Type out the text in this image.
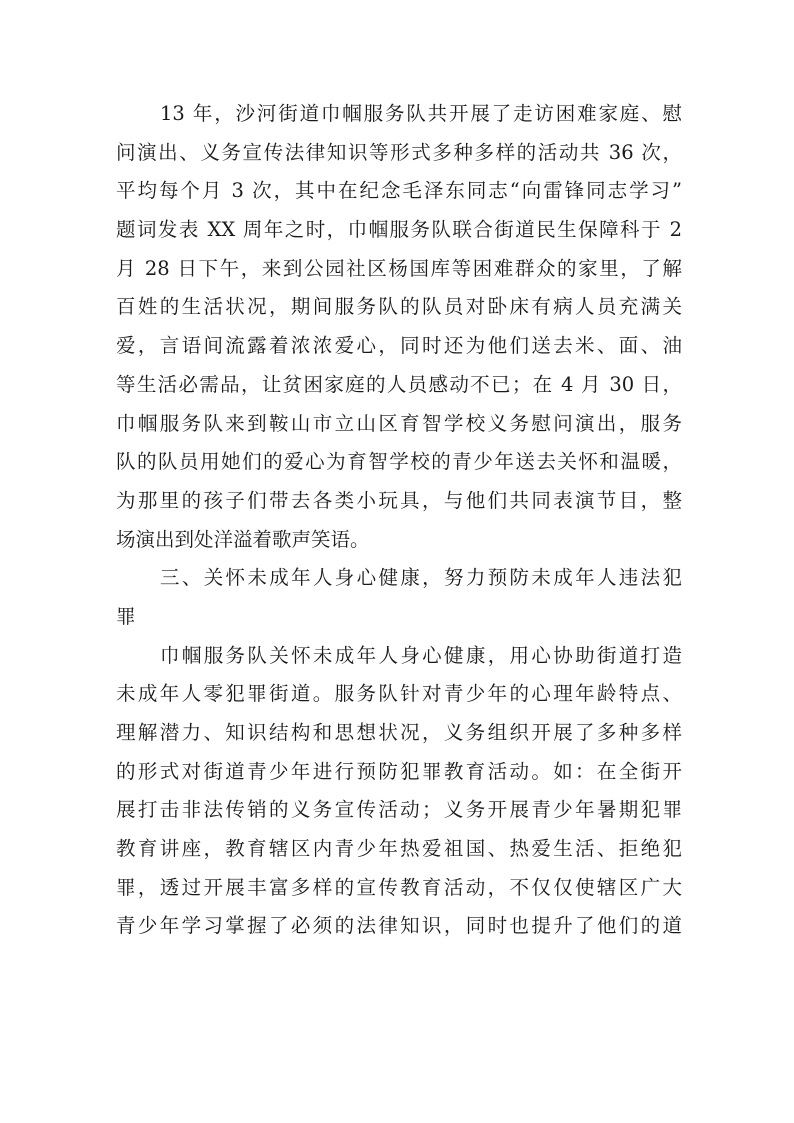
13 年，沙河街道巾帼服务队共开展了走访困难家庭、慰
问演出、义务宣传法律知识等形式多种多样的活动共 36 次，
平均每个月 3 次，其中在纪念毛泽东同志“向雷锋同志学习”
题词发表 XX 周年之时，巾帼服务队联合街道民生保障科于 2
月 28 日下午，来到公园社区杨国库等困难群众的家里，了解
百姓的生活状况，期间服务队的队员对卧床有病人员充满关
爱，言语间流露着浓浓爱心，同时还为他们送去米、面、油
等生活必需品，让贫困家庭的人员感动不已；在 4 月 30 日，
巾帼服务队来到鞍山市立山区育智学校义务慰问演出，服务
队的队员用她们的爱心为育智学校的青少年送去关怀和温暖，
为那里的孩子们带去各类小玩具，与他们共同表演节目，整
场演出到处洋溢着歌声笑语。
三、关怀未成年人身心健康，努力预防未成年人违法犯
罪
巾帼服务队关怀未成年人身心健康，用心协助街道打造
未成年人零犯罪街道。服务队针对青少年的心理年龄特点、
理解潜力、知识结构和思想状况，义务组织开展了多种多样
的形式对街道青少年进行预防犯罪教育活动。如：在全街开
展打击非法传销的义务宣传活动；义务开展青少年暑期犯罪
教育讲座，教育辖区内青少年热爱祖国、热爱生活、拒绝犯
罪，透过开展丰富多样的宣传教育活动，不仅仅使辖区广大
青少年学习掌握了必须的法律知识，同时也提升了他们的道
